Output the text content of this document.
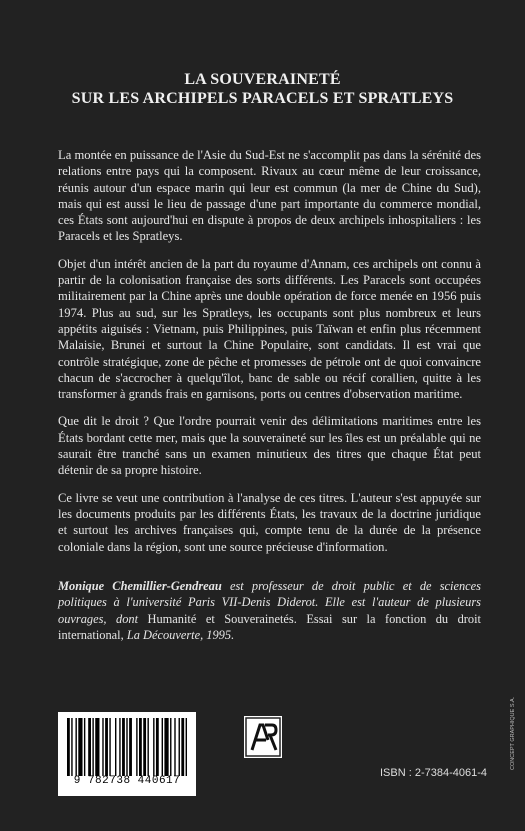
LA SOUVERAINETÉ
SUR LES ARCHIPELS PARACELS ET SPRATLEYS

La montée en puissance de l'Asie du Sud-Est ne s'accomplit pas dans la sérénité des relations entre pays qui la composent. Rivaux au cœur même de leur croissance, réunis autour d'un espace marin qui leur est commun (la mer de Chine du Sud), mais qui est aussi le lieu de passage d'une part importante du commerce mondial, ces États sont aujourd'hui en dispute à propos de deux archipels inhospitaliers : les Paracels et les Spratleys.

Objet d'un intérêt ancien de la part du royaume d'Annam, ces archipels ont connu à partir de la colonisation française des sorts différents. Les Paracels sont occupées militairement par la Chine après une double opération de force menée en 1956 puis 1974. Plus au sud, sur les Spratleys, les occupants sont plus nombreux et leurs appétits aiguisés : Vietnam, puis Philippines, puis Taïwan et enfin plus récemment Malaisie, Brunei et surtout la Chine Populaire, sont candidats. Il est vrai que contrôle stratégique, zone de pêche et promesses de pétrole ont de quoi convaincre chacun de s'accrocher à quelqu'îlot, banc de sable ou récif corallien, quitte à les transformer à grands frais en garnisons, ports ou centres d'observation maritime.

Que dit le droit ? Que l'ordre pourrait venir des délimitations maritimes entre les États bordant cette mer, mais que la souveraineté sur les îles est un préalable qui ne saurait être tranché sans un examen minutieux des titres que chaque État peut détenir de sa propre histoire.

Ce livre se veut une contribution à l'analyse de ces titres. L'auteur s'est appuyée sur les documents produits par les différents États, les travaux de la doctrine juridique et surtout les archives françaises qui, compte tenu de la durée de la présence coloniale dans la région, sont une source précieuse d'information.

Monique Chemillier-Gendreau est professeur de droit public et de sciences politiques à l'université Paris VII-Denis Diderot. Elle est l'auteur de plusieurs ouvrages, dont Humanité et Souverainetés. Essai sur la fonction du droit international, La Découverte, 1995.
9 782738 440617
ISBN : 2-7384-4061-4
CONCEPT GRAPHIQUE S.A.
